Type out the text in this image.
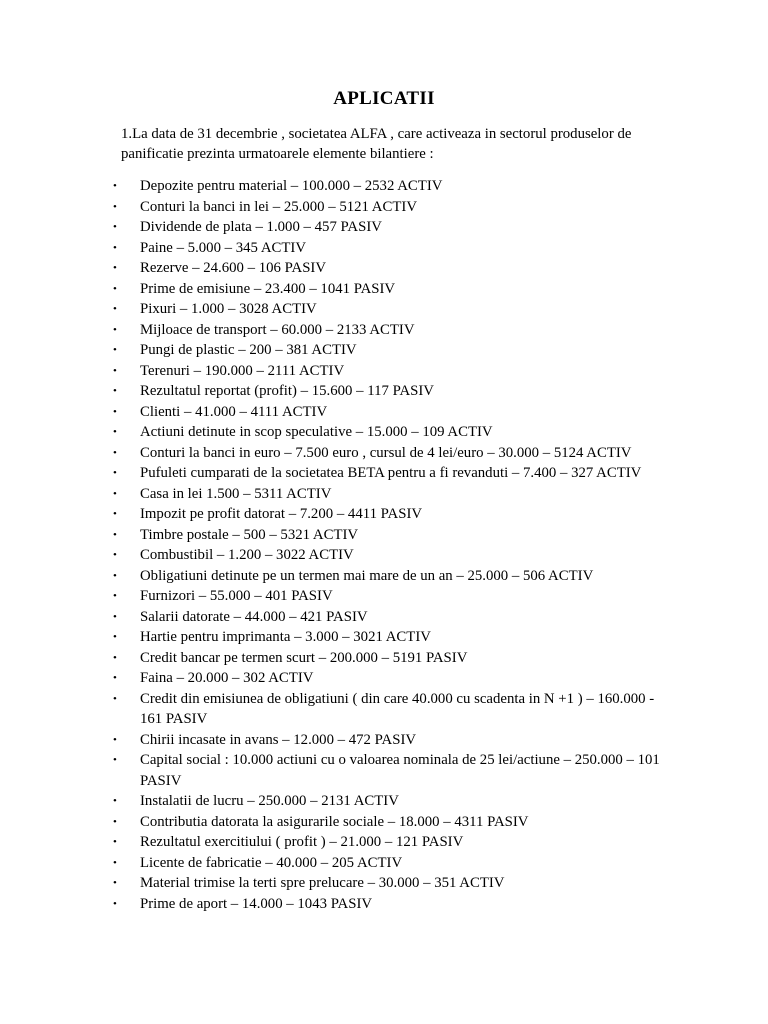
APLICATII

1.La data de 31 decembrie , societatea ALFA , care activeaza in sectorul produselor de panificatie prezinta urmatoarele elemente bilantiere :

• Depozite pentru material – 100.000 – 2532 ACTIV
• Conturi la banci in lei – 25.000 – 5121 ACTIV
• Dividende de plata – 1.000 – 457 PASIV
• Paine – 5.000 – 345 ACTIV
• Rezerve – 24.600 – 106 PASIV
• Prime de emisiune – 23.400 – 1041 PASIV
• Pixuri – 1.000 – 3028 ACTIV
• Mijloace de transport – 60.000 – 2133 ACTIV
• Pungi de plastic – 200 – 381 ACTIV
• Terenuri – 190.000 – 2111 ACTIV
• Rezultatul reportat (profit) – 15.600 – 117 PASIV
• Clienti – 41.000 – 4111 ACTIV
• Actiuni detinute in scop speculative – 15.000 – 109 ACTIV
• Conturi la banci in euro – 7.500 euro , cursul de 4 lei/euro – 30.000 – 5124 ACTIV
• Pufuleti cumparati de la societatea BETA pentru a fi revanduti – 7.400 – 327 ACTIV
• Casa in lei 1.500 – 5311 ACTIV
• Impozit pe profit datorat – 7.200 – 4411 PASIV
• Timbre postale – 500 – 5321 ACTIV
• Combustibil – 1.200 – 3022 ACTIV
• Obligatiuni detinute pe un termen mai mare de un an – 25.000 – 506 ACTIV
• Furnizori – 55.000 – 401 PASIV
• Salarii datorate – 44.000 – 421 PASIV
• Hartie pentru imprimanta – 3.000 – 3021 ACTIV
• Credit bancar pe termen scurt – 200.000 – 5191 PASIV
• Faina – 20.000 – 302 ACTIV
• Credit din emisiunea de obligatiuni ( din care 40.000 cu scadenta in N +1 ) – 160.000 - 161 PASIV
• Chirii incasate in avans – 12.000 – 472 PASIV
• Capital social : 10.000 actiuni cu o valoarea nominala de 25 lei/actiune – 250.000 – 101 PASIV
• Instalatii de lucru – 250.000 – 2131 ACTIV
• Contributia datorata la asigurarile sociale – 18.000 – 4311 PASIV
• Rezultatul exercitiului ( profit ) – 21.000 – 121 PASIV
• Licente de fabricatie – 40.000 – 205 ACTIV
• Material trimise la terti spre prelucare – 30.000 – 351 ACTIV
• Prime de aport – 14.000 – 1043 PASIV
